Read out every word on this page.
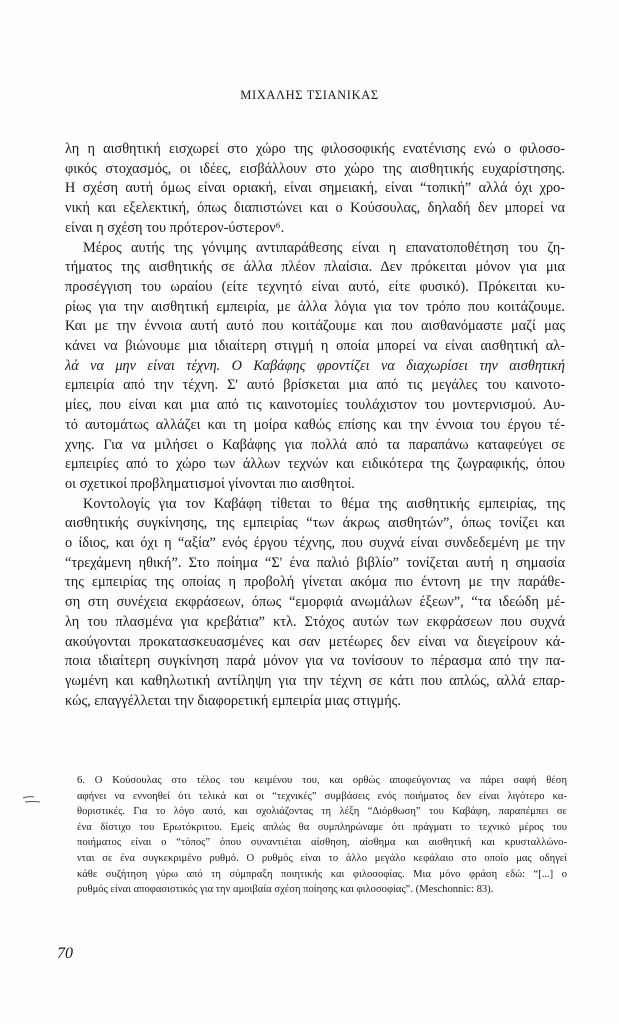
ΜΙΧΑΛΗΣ ΤΣΙΑΝΙΚΑΣ
λη η αισθητική εισχωρεί στο χώρο της φιλοσοφικής ενατένισης ενώ ο φιλοσο-
φικός στοχασμός, οι ιδέες, εισβάλλουν στο χώρο της αισθητικής ευχαρίστησης.
Η σχέση αυτή όμως είναι οριακή, είναι σημειακή, είναι “τοπική” αλλά όχι χρο-
νική και εξελεκτική, όπως διαπιστώνει και ο Κούσουλας, δηλαδή δεν μπορεί να
είναι η σχέση του πρότερον-ύστερον⁶.
Μέρος αυτής της γόνιμης αντιπαράθεσης είναι η επανατοποθέτηση του ζη-
τήματος της αισθητικής σε άλλα πλέον πλαίσια. Δεν πρόκειται μόνον για μια
προσέγγιση του ωραίου (είτε τεχνητό είναι αυτό, είτε φυσικό). Πρόκειται κυ-
ρίως για την αισθητική εμπειρία, με άλλα λόγια για τον τρόπο που κοιτάζουμε.
Και με την έννοια αυτή αυτό που κοιτάζουμε και που αισθανόμαστε μαζί μας
κάνει να βιώνουμε μια ιδιαίτερη στιγμή η οποία μπορεί να είναι αισθητική αλ-
λά να μην είναι τέχνη. Ο Καβάφης φροντίζει να διαχωρίσει την αισθητική
εμπειρία από την τέχνη. Σ' αυτό βρίσκεται μια από τις μεγάλες του καινοτο-
μίες, που είναι και μια από τις καινοτομίες τουλάχιστον του μοντερνισμού. Αυ-
τό αυτομάτως αλλάζει και τη μοίρα καθώς επίσης και την έννοια του έργου τέ-
χνης. Για να μιλήσει ο Καβάφης για πολλά από τα παραπάνω καταφεύγει σε
εμπειρίες από το χώρο των άλλων τεχνών και ειδικότερα της ζωγραφικής, όπου
οι σχετικοί προβληματισμοί γίνονται πιο αισθητοί.
Κοντολογίς για τον Καβάφη τίθεται το θέμα της αισθητικής εμπειρίας, της
αισθητικής συγκίνησης, της εμπειρίας “των άκρως αισθητών”, όπως τονίζει και
ο ίδιος, και όχι η “αξία” ενός έργου τέχνης, που συχνά είναι συνδεδεμένη με την
“τρεχάμενη ηθική”. Στο ποίημα “Σ' ένα παλιό βιβλίο” τονίζεται αυτή η σημασία
της εμπειρίας της οποίας η προβολή γίνεται ακόμα πιο έντονη με την παράθε-
ση στη συνέχεια εκφράσεων, όπως “εμορφιά ανωμάλων έξεων”, “τα ιδεώδη μέ-
λη του πλασμένα για κρεβάτια” κτλ. Στόχος αυτών των εκφράσεων που συχνά
ακούγονται προκατασκευασμένες και σαν μετέωρες δεν είναι να διεγείρουν κά-
ποια ιδιαίτερη συγκίνηση παρά μόνον για να τονίσουν το πέρασμα από την πα-
γωμένη και καθηλωτική αντίληψη για την τέχνη σε κάτι που απλώς, αλλά επαρ-
κώς, επαγγέλλεται την διαφορετική εμπειρία μιας στιγμής.
6. Ο Κούσουλας στο τέλος του κειμένου του, και ορθώς αποφεύγοντας να πάρει σαφή θέση
αφήνει να εννοηθεί ότι τελικά και οι “τεχνικές” συμβάσεις ενός ποιήματος δεν είναι λιγότερο κα-
θοριστικές. Για το λόγο αυτό, και σχολιάζοντας τη λέξη “Διόρθωση” του Καβάφη, παραπέμπει σε
ένα δίστιχο του Ερωτόκριτου. Εμείς απλώς θα συμπληρώναμε ότι πράγματι το τεχνικό μέρος του
ποιήματος είναι ο “τόπος” όπου συναντιέται αίσθηση, αίσθημα και αισθητική και κρυσταλλώνο-
νται σε ένα συγκεκριμένο ρυθμό. Ο ρυθμός είναι το άλλο μεγάλο κεφάλαιο στο οποίο μας οδηγεί
κάθε συζήτηση γύρω από τη σύμπραξη ποιητικής και φιλοσοφίας. Μια μόνο φράση εδώ: “[...] ο
ρυθμός είναι αποφασιστικός για την αμοιβαία σχέση ποίησης και φιλοσοφίας”. (Meschonnic: 83).
70
